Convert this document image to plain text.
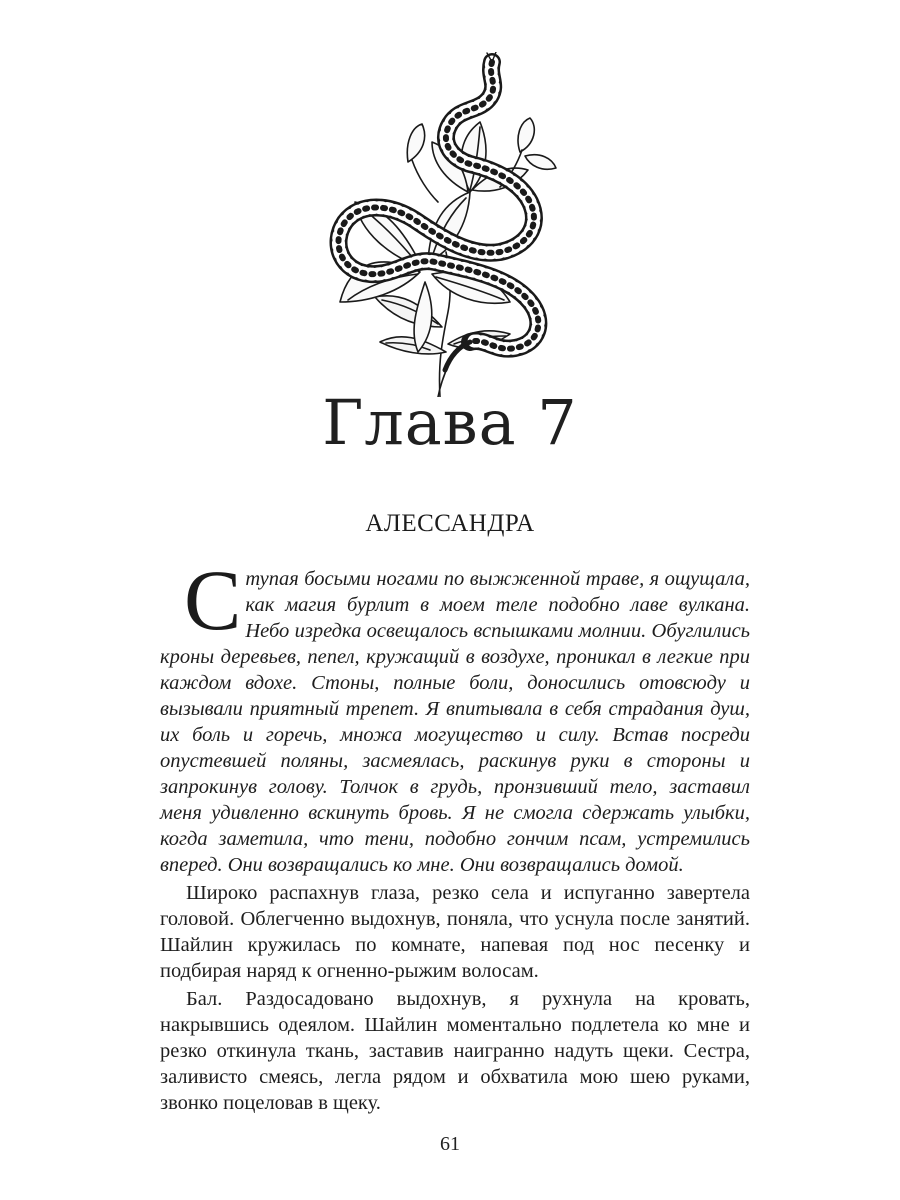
Глава 7
АЛЕССАНДРА

Ступая босыми ногами по выжженной траве, я ощущала, как магия бурлит в моем теле подобно лаве вулкана. Небо изредка освещалось вспышками молнии. Обуглились кроны деревьев, пепел, кружащий в воздухе, проникал в легкие при каждом вдохе. Стоны, полные боли, доносились отовсюду и вызывали приятный трепет. Я впитывала в себя страдания душ, их боль и горечь, множа могущество и силу. Встав посреди опустевшей поляны, засмеялась, раскинув руки в стороны и запрокинув голову. Толчок в грудь, пронзивший тело, заставил меня удивленно вскинуть бровь. Я не смогла сдержать улыбки, когда заметила, что тени, подобно гончим псам, устремились вперед. Они возвращались ко мне. Они возвращались домой.

Широко распахнув глаза, резко села и испуганно завертела головой. Облегченно выдохнув, поняла, что уснула после занятий. Шайлин кружилась по комнате, напевая под нос песенку и подбирая наряд к огненно-рыжим волосам.

Бал. Раздосадовано выдохнув, я рухнула на кровать, накрывшись одеялом. Шайлин моментально подлетела ко мне и резко откинула ткань, заставив наигранно надуть щеки. Сестра, заливисто смеясь, легла рядом и обхватила мою шею руками, звонко поцеловав в щеку.

61
